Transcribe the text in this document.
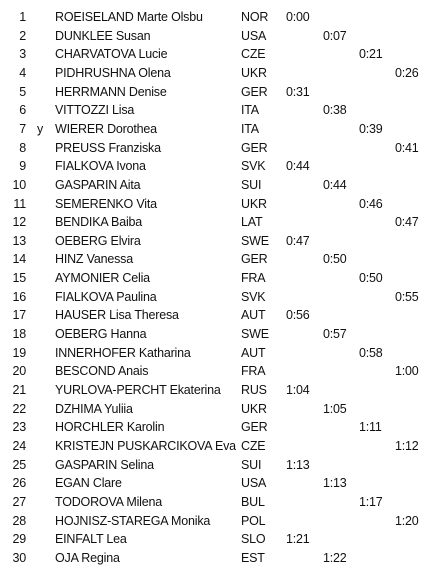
1 ROEISELAND Marte Olsbu	NOR 0:00
2 DUNKLEE Susan	USA	0:07
3 CHARVATOVA Lucie	CZE	0:21
4 PIDHRUSHNA Olena	UKR	0:26
5 HERRMANN Denise	GER 0:31
6 VITTOZZI Lisa	ITA	0:38
7 y WIERER Dorothea	ITA	0:39
8 PREUSS Franziska	GER	0:41
9 FIALKOVA Ivona	SVK 0:44
10 GASPARIN Aita	SUI	0:44
11 SEMERENKO Vita	UKR	0:46
12 BENDIKA Baiba	LAT	0:47
13 OEBERG Elvira	SWE 0:47
14 HINZ Vanessa	GER	0:50
15 AYMONIER Celia	FRA	0:50
16 FIALKOVA Paulina	SVK	0:55
17 HAUSER Lisa Theresa	AUT 0:56
18 OEBERG Hanna	SWE	0:57
19 INNERHOFER Katharina	AUT	0:58
20 BESCOND Anais	FRA	1:00
21 YURLOVA-PERCHT Ekaterina RUS 1:04
22 DZHIMA Yuliia	UKR	1:05
23 HORCHLER Karolin	GER	1:11
24 KRISTEJN PUSKARCIKOVA Eva CZE	1:12
25 GASPARIN Selina	SUI 1:13
26 EGAN Clare	USA	1:13
27 TODOROVA Milena	BUL	1:17
28 HOJNISZ-STAREGA Monika POL	1:20
29 EINFALT Lea	SLO 1:21
30 OJA Regina	EST	1:22
